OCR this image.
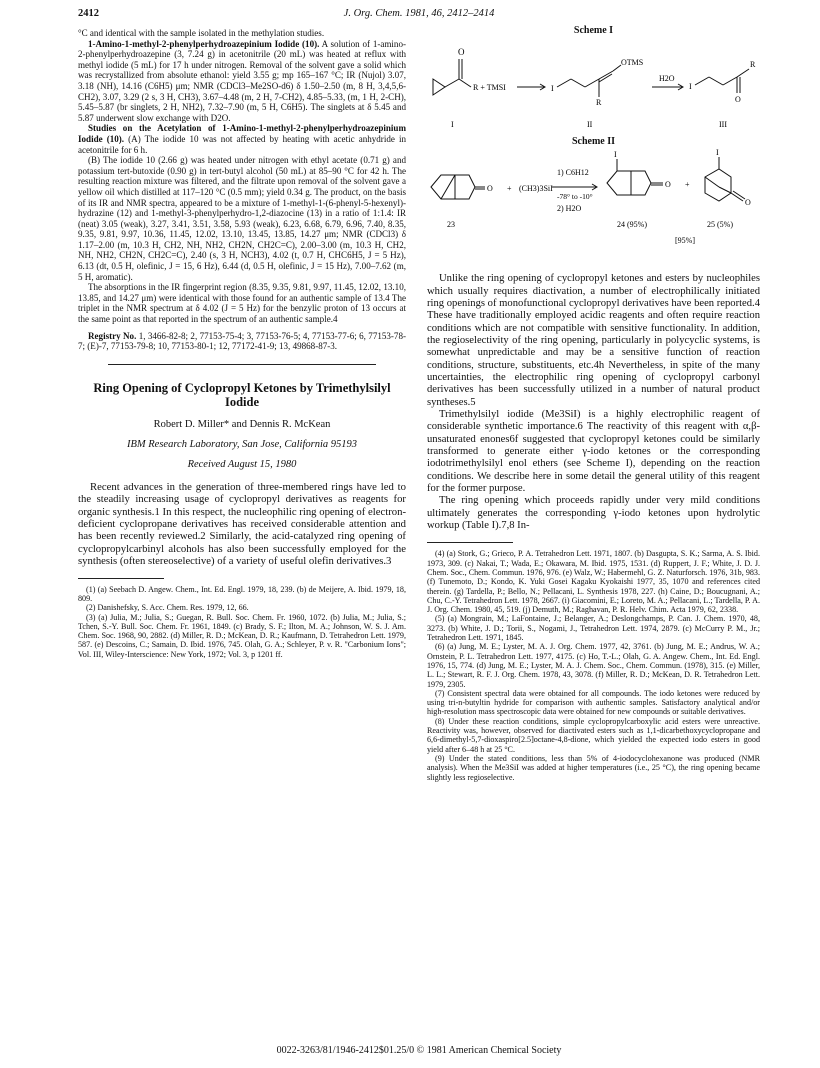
2412	J. Org. Chem. 1981, 46, 2412–2414

°C and identical with the sample isolated in the methylation studies.

1-Amino-1-methyl-2-phenylperhydroazepinium Iodide (10). A solution of 1-amino-2-phenylperhydroazepine (3, 7.24 g) in acetonitrile (20 mL) was heated at reflux with methyl iodide (5 mL) for 17 h under nitrogen. Removal of the solvent gave a solid which was recrystallized from absolute ethanol: yield 3.55 g; mp 165–167 °C; IR (Nujol) 3.07, 3.18 (NH), 14.16 (C6H5) μm; NMR (CDCl3–Me2SO-d6) δ 1.50–2.50 (m, 8 H, 3,4,5,6-CH2), 3.07, 3.29 (2 s, 3 H, CH3), 3.67–4.48 (m, 2 H, 7-CH2), 4.85–5.33, (m, 1 H, 2-CH), 5.45–5.87 (br singlets, 2 H, NH2), 7.32–7.90 (m, 5 H, C6H5). The singlets at δ 5.45 and 5.87 underwent slow exchange with D2O.

Studies on the Acetylation of 1-Amino-1-methyl-2-phenylperhydroazepinium Iodide (10). (A) The iodide 10 was not affected by heating with acetic anhydride in acetonitrile for 6 h.

(B) The iodide 10 (2.66 g) was heated under nitrogen with ethyl acetate (0.71 g) and potassium tert-butoxide (0.90 g) in tert-butyl alcohol (50 mL) at 85–90 °C for 42 h. The resulting reaction mixture was filtered, and the filtrate upon removal of the solvent gave a yellow oil which distilled at 117–120 °C (0.5 mm); yield 0.34 g. The product, on the basis of its IR and NMR spectra, appeared to be a mixture of 1-methyl-1-(6-phenyl-5-hexenyl)-hydrazine (12) and 1-methyl-3-phenylperhydro-1,2-diazocine (13) in a ratio of 1:1.4: IR (neat) 3.05 (weak), 3.27, 3.41, 3.51, 3.58, 5.93 (weak), 6.23, 6.68, 6.79, 6.96, 7.40, 8.35, 9.35, 9.81, 9.97, 10.36, 11.45, 12.02, 13.10, 13.45, 13.85, 14.27 μm; NMR (CDCl3) δ 1.17–2.00 (m, 10.3 H, CH2, NH, NH2, CH2N, CH2C=C), 2.00–3.00 (m, 10.3 H, CH2, NH, NH2, CH2N, CH2C=C), 2.40 (s, 3 H, NCH3), 4.02 (t, 0.7 H, CHC6H5, J = 5 Hz), 6.13 (dt, 0.5 H, olefinic, J = 15, 6 Hz), 6.44 (d, 0.5 H, olefinic, J = 15 Hz), 7.00–7.62 (m, 5 H, aromatic).

The absorptions in the IR fingerprint region (8.35, 9.35, 9.81, 9.97, 11.45, 12.02, 13.10, 13.85, and 14.27 μm) were identical with those found for an authentic sample of 13.4 The triplet in the NMR spectrum at δ 4.02 (J = 5 Hz) for the benzylic proton of 13 occurs at the same point as that reported in the spectrum of an authentic sample.4

Registry No. 1, 3466-82-8; 2, 77153-75-4; 3, 77153-76-5; 4, 77153-77-6; 6, 77153-78-7; (E)-7, 77153-79-8; 10, 77153-80-1; 12, 77172-41-9; 13, 49868-87-3.

Ring Opening of Cyclopropyl Ketones by Trimethylsilyl Iodide
Robert D. Miller* and Dennis R. McKean
IBM Research Laboratory, San Jose, California 95193
Received August 15, 1980

Recent advances in the generation of three-membered rings have led to the steadily increasing usage of cyclopropyl derivatives as reagents for organic synthesis.1 In this respect, the nucleophilic ring opening of electron-deficient cyclopropane derivatives has received considerable attention and has been recently reviewed.2 Similarly, the acid-catalyzed ring opening of cyclopropylcarbinyl alcohols has also been successfully employed for the synthesis (often stereoselective) of a variety of useful olefin derivatives.3

(1) (a) Seebach D. Angew. Chem., Int. Ed. Engl. 1979, 18, 239. (b) de Meijere, A. Ibid. 1979, 18, 809.

(2) Danishefsky, S. Acc. Chem. Res. 1979, 12, 66.

(3) (a) Julia, M.; Julia, S.; Guegan, R. Bull. Soc. Chem. Fr. 1960, 1072. (b) Julia, M.; Julia, S.; Tchen, S.-Y. Bull. Soc. Chem. Fr. 1961, 1849. (c) Brady, S. F.; Ilton, M. A.; Johnson, W. S. J. Am. Chem. Soc. 1968, 90, 2882. (d) Miller, R. D.; McKean, D. R.; Kaufmann, D. Tetrahedron Lett. 1979, 587. (e) Descoins, C.; Samain, D. Ibid. 1976, 745. Olah, G. A.; Schleyer, P. v. R. "Carbonium Ions"; Vol. III, Wiley-Interscience: New York, 1972; Vol. 3, p 1201 ff.

Scheme I
O
R + TMSI	I
OTMS
R
H2O
I
O
R
I	II	III
Scheme II
O + (CH3)3SiI
1) C6H12
-78° to -10°
2) H2O
I
O +
I
O
23	24 (95%)	25 (5%)
[95%]

Unlike the ring opening of cyclopropyl ketones and esters by nucleophiles which usually requires diactivation, a number of electrophilically initiated ring openings of monofunctional cyclopropyl derivatives have been reported.4 These have traditionally employed acidic reagents and often require reaction conditions which are not compatible with sensitive functionality. In addition, the regioselectivity of the ring opening, particularly in polycyclic systems, is somewhat unpredictable and may be a sensitive function of reaction conditions, structure, substituents, etc.4h Nevertheless, in spite of the many uncertainties, the electrophilic ring opening of cyclopropyl carbonyl derivatives has been successfully utilized in a number of natural product syntheses.5

Trimethylsilyl iodide (Me3SiI) is a highly electrophilic reagent of considerable synthetic importance.6 The reactivity of this reagent with α,β-unsaturated enones6f suggested that cyclopropyl ketones could be similarly transformed to generate either γ-iodo ketones or the corresponding iodotrimethylsilyl enol ethers (see Scheme I), depending on the reaction conditions. We describe here in some detail the general utility of this reagent for the former purpose.

The ring opening which proceeds rapidly under very mild conditions ultimately generates the corresponding γ-iodo ketones upon hydrolytic workup (Table I).7,8 In-

(4) (a) Stork, G.; Grieco, P. A. Tetrahedron Lett. 1971, 1807. (b) Dasgupta, S. K.; Sarma, A. S. Ibid. 1973, 309. (c) Nakai, T.; Wada, E.; Okawara, M. Ibid. 1975, 1531. (d) Ruppert, J. F.; White, J. D. J. Chem. Soc., Chem. Commun. 1976, 976. (e) Walz, W.; Habermehl, G. Z. Naturforsch. 1976, 31b, 983. (f) Tunemoto, D.; Kondo, K. Yuki Gosei Kagaku Kyokaishi 1977, 35, 1070 and references cited therein. (g) Tardella, P.; Bello, N.; Pellacani, L. Synthesis 1978, 227. (h) Caine, D.; Boucugnani, A.; Chu, C.-Y. Tetrahedron Lett. 1978, 2667. (i) Giacomini, E.; Loreto, M. A.; Pellacani, L.; Tardella, P. A. J. Org. Chem. 1980, 45, 519. (j) Demuth, M.; Raghavan, P. R. Helv. Chim. Acta 1979, 62, 2338.

(5) (a) Mongrain, M.; LaFontaine, J.; Belanger, A.; Deslongchamps, P. Can. J. Chem. 1970, 48, 3273. (b) White, J. D.; Torii, S., Nogami, J., Tetrahedron Lett. 1974, 2879. (c) McCurry P. M., Jr.; Tetrahedron Lett. 1971, 1845.

(6) (a) Jung, M. E.; Lyster, M. A. J. Org. Chem. 1977, 42, 3761. (b) Jung, M. E.; Andrus, W. A.; Ornstein, P. L. Tetrahedron Lett. 1977, 4175. (c) Ho, T.-L.; Olah, G. A. Angew. Chem., Int. Ed. Engl. 1976, 15, 774. (d) Jung, M. E.; Lyster, M. A. J. Chem. Soc., Chem. Commun. (1978), 315. (e) Miller, L. L.; Stewart, R. F. J. Org. Chem. 1978, 43, 3078. (f) Miller, R. D.; McKean, D. R. Tetrahedron Lett. 1979, 2305.

(7) Consistent spectral data were obtained for all compounds. The iodo ketones were reduced by using tri-n-butyltin hydride for comparison with authentic samples. Satisfactory analytical and/or high-resolution mass spectroscopic data were obtained for new compounds or suitable derivatives.

(8) Under these reaction conditions, simple cyclopropylcarboxylic acid esters were unreactive. Reactivity was, however, observed for diactivated esters such as 1,1-dicarbethoxycyclopropane and 6,6-dimethyl-5,7-dioxaspiro[2.5]octane-4,8-dione, which yielded the expected iodo esters in good yield after 6–48 h at 25 °C.

(9) Under the stated conditions, less than 5% of 4-iodocyclohexanone was produced (NMR analysis). When the Me3SiI was added at higher temperatures (i.e., 25 °C), the ring opening became slightly less regioselective.

0022-3263/81/1946-2412$01.25/0 © 1981 American Chemical Society
